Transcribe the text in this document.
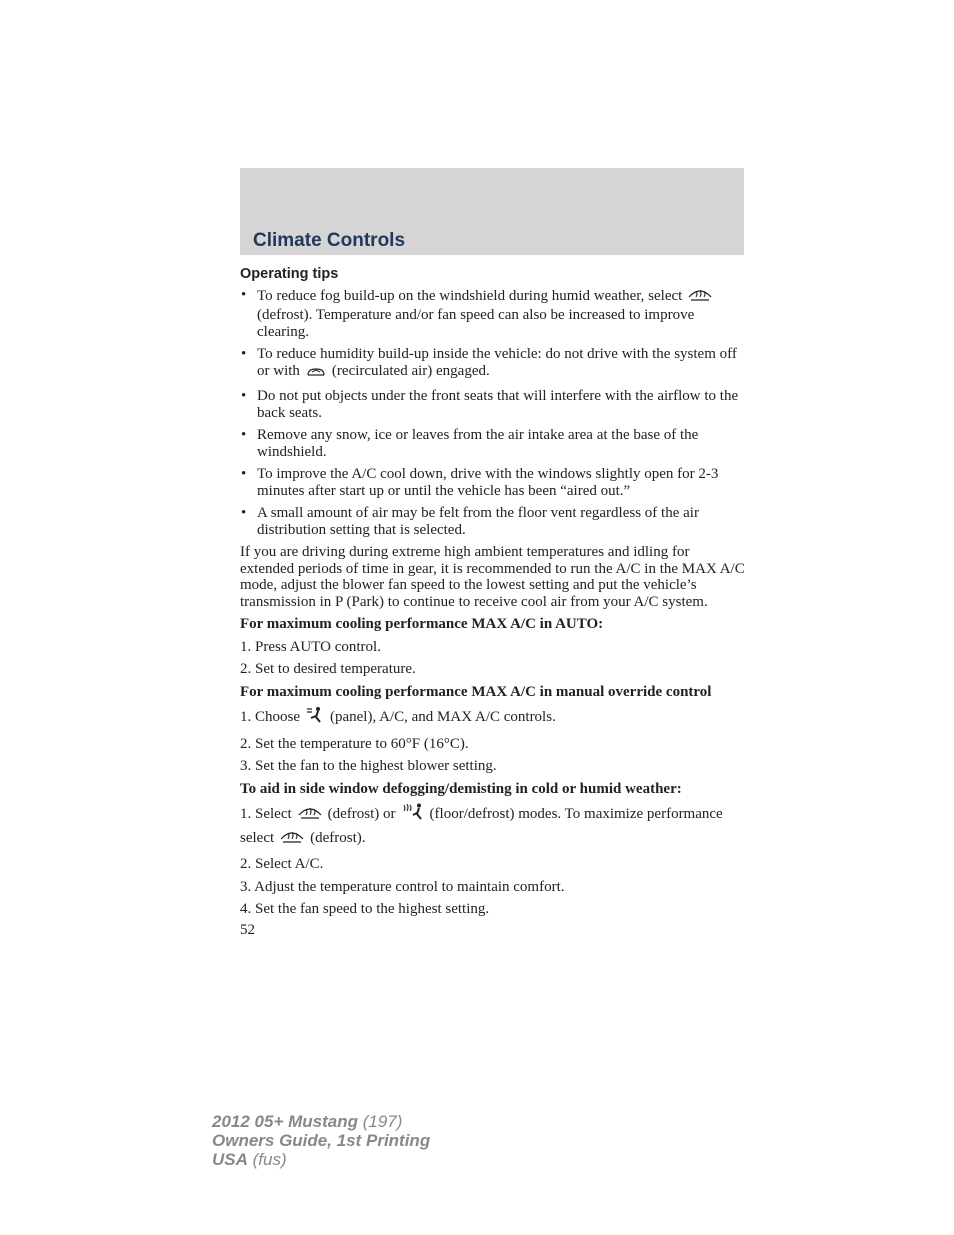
Climate Controls
Operating tips
• To reduce fog build-up on the windshield during humid weather, select(defrost). Temperature and/or fan speed can also be increased to improve clearing.
• To reduce humidity build-up inside the vehicle: do not drive with the system off or with (recirculated air) engaged.
• Do not put objects under the front seats that will interfere with the airflow to the back seats.
• Remove any snow, ice or leaves from the air intake area at the base of the windshield.
• To improve the A/C cool down, drive with the windows slightly open for 2-3 minutes after start up or until the vehicle has been “aired out.”
• A small amount of air may be felt from the floor vent regardless of the air distribution setting that is selected.

If you are driving during extreme high ambient temperatures and idling for extended periods of time in gear, it is recommended to run the A/C in the MAX A/C mode, adjust the blower fan speed to the lowest setting and put the vehicle’s transmission in P (Park) to continue to receive cool air from your A/C system.

For maximum cooling performance MAX A/C in AUTO:

1. Press AUTO control.
2. Set to desired temperature.

For maximum cooling performance MAX A/C in manual override control

1. Choose (panel), A/C, and MAX A/C controls.
2. Set the temperature to 60°F (16°C).
3. Set the fan to the highest blower setting.

To aid in side window defogging/demisting in cold or humid weather:

1. Select (defrost) or (floor/defrost) modes. To maximize performance select (defrost).
2. Select A/C.
3. Adjust the temperature control to maintain comfort.
4. Set the fan speed to the highest setting.
52
2012 05+ Mustang (197)
Owners Guide, 1st Printing
USA (fus)
